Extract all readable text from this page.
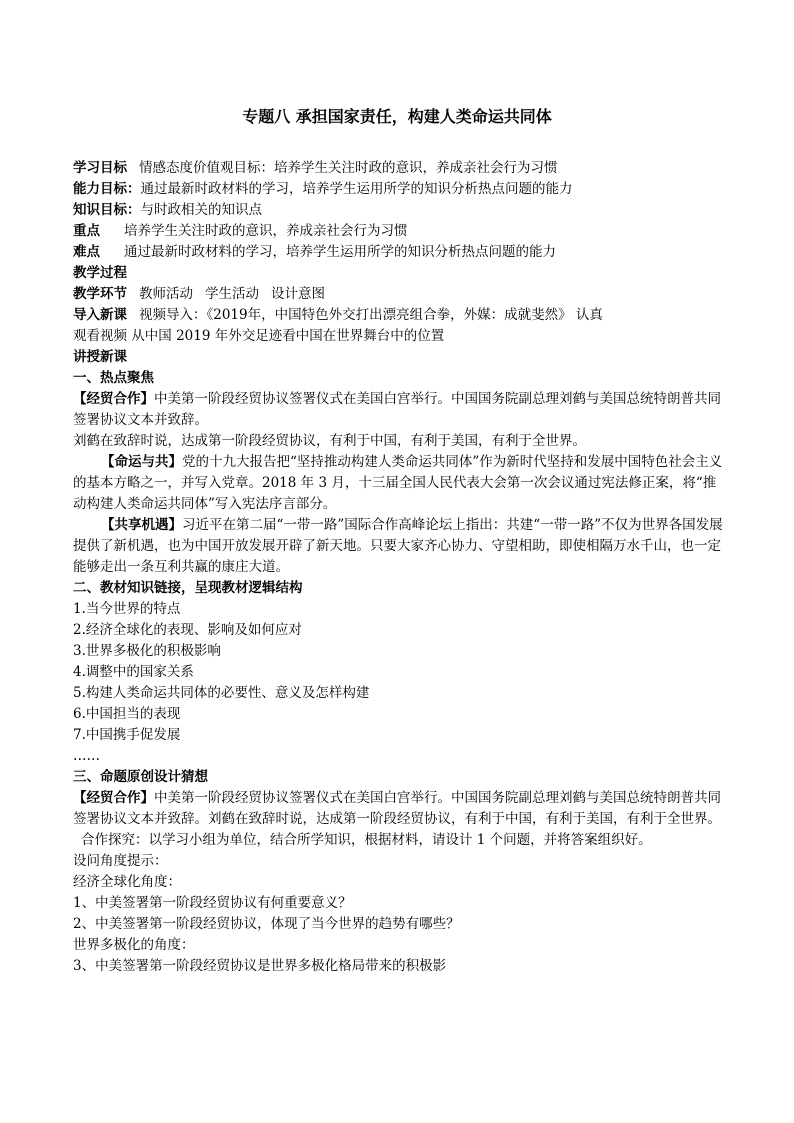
专题八 承担国家责任，构建人类命运共同体
学习目标 情感态度价值观目标：培养学生关注时政的意识，养成亲社会行为习惯
能力目标：通过最新时政材料的学习，培养学生运用所学的知识分析热点问题的能力
知识目标：与时政相关的知识点
重点 培养学生关注时政的意识，养成亲社会行为习惯
难点 通过最新时政材料的学习，培养学生运用所学的知识分析热点问题的能力
教学过程
教学环节 教师活动 学生活动 设计意图
导入新课 视频导入：《2019年，中国特色外交打出漂亮组合拳，外媒：成就斐然》 认真
观看视频 从中国 2019 年外交足迹看中国在世界舞台中的位置
讲授新课
一、热点聚焦
【经贸合作】中美第一阶段经贸协议签署仪式在美国白宫举行。中国国务院副总理刘鹤与美国总统特朗普共同签署协议文本并致辞。
刘鹤在致辞时说，达成第一阶段经贸协议，有利于中国，有利于美国，有利于全世界。
【命运与共】党的十九大报告把“坚持推动构建人类命运共同体”作为新时代坚持和发展中国特色社会主义的基本方略之一，并写入党章。2018 年 3 月，十三届全国人民代表大会第一次会议通过宪法修正案，将“推动构建人类命运共同体”写入宪法序言部分。
【共享机遇】习近平在第二届“一带一路”国际合作高峰论坛上指出：共建“一带一路”不仅为世界各国发展提供了新机遇，也为中国开放发展开辟了新天地。只要大家齐心协力、守望相助，即使相隔万水千山，也一定能够走出一条互利共赢的康庄大道。
二、教材知识链接，呈现教材逻辑结构
1.当今世界的特点
2.经济全球化的表现、影响及如何应对
3.世界多极化的积极影响
4.调整中的国家关系
5.构建人类命运共同体的必要性、意义及怎样构建
6.中国担当的表现
7.中国携手促发展
……
三、命题原创设计猜想
【经贸合作】中美第一阶段经贸协议签署仪式在美国白宫举行。中国国务院副总理刘鹤与美国总统特朗普共同签署协议文本并致辞。刘鹤在致辞时说，达成第一阶段经贸协议，有利于中国，有利于美国，有利于全世界。
合作探究：以学习小组为单位，结合所学知识，根据材料，请设计 1 个问题，并将答案组织好。
设问角度提示：
经济全球化角度：
1、中美签署第一阶段经贸协议有何重要意义？
2、中美签署第一阶段经贸协议，体现了当今世界的趋势有哪些？
世界多极化的角度：
3、中美签署第一阶段经贸协议是世界多极化格局带来的积极影
